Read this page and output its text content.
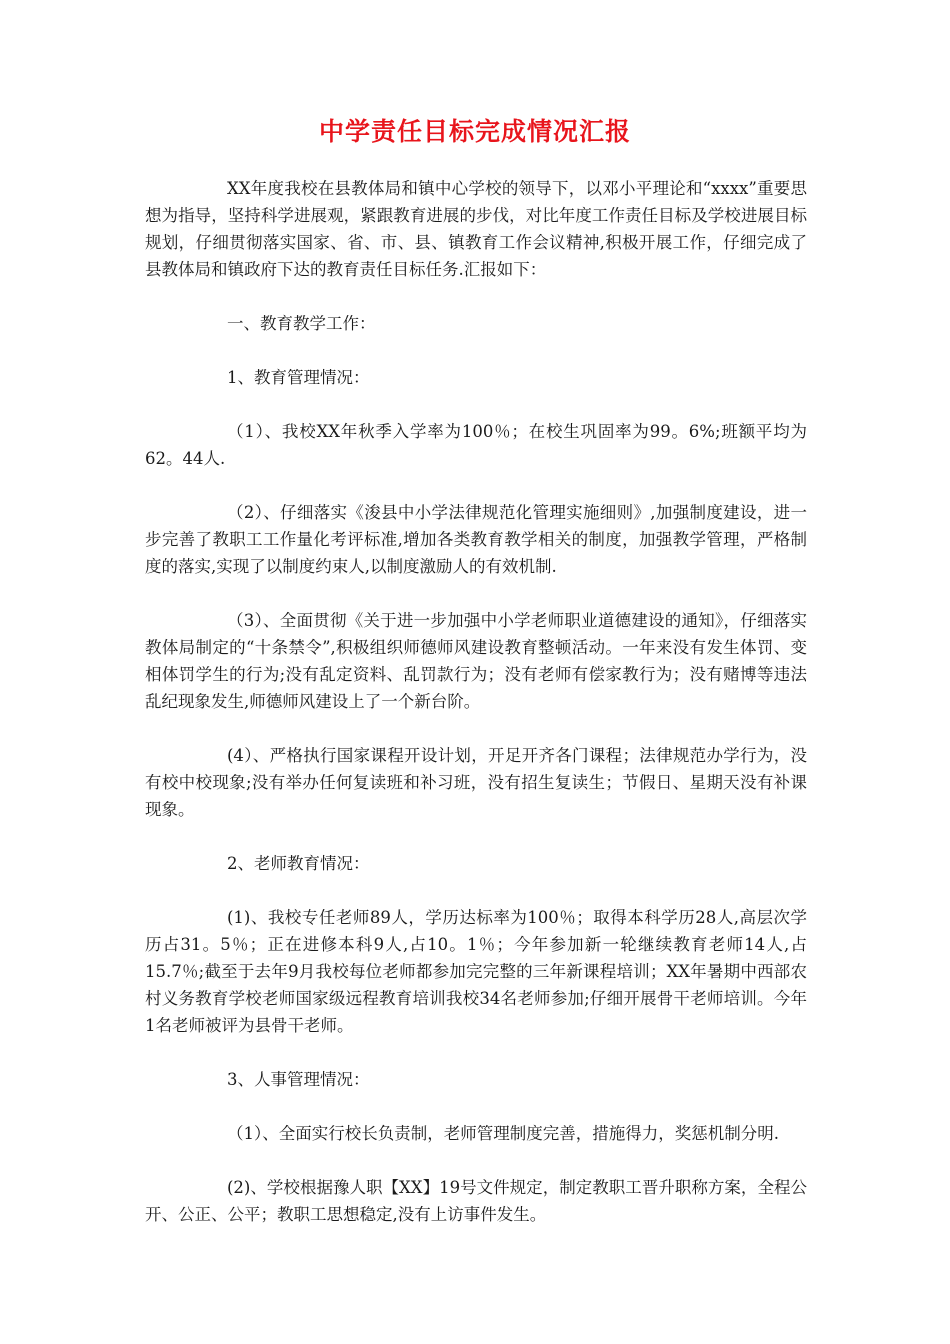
中学责任目标完成情况汇报

XX年度我校在县教体局和镇中心学校的领导下，以邓小平理论和“xxxx”重要思想为指导，坚持科学进展观，紧跟教育进展的步伐，对比年度工作责任目标及学校进展目标规划，仔细贯彻落实国家、省、市、县、镇教育工作会议精神,积极开展工作，仔细完成了县教体局和镇政府下达的教育责任目标任务.汇报如下：

一、教育教学工作：

1、教育管理情况：

（1）、我校XX年秋季入学率为100％；在校生巩固率为99。6%;班额平均为62。44人.

（2）、仔细落实《浚县中小学法律规范化管理实施细则》,加强制度建设，进一步完善了教职工工作量化考评标准,增加各类教育教学相关的制度，加强教学管理，严格制度的落实,实现了以制度约束人,以制度激励人的有效机制.

（3）、全面贯彻《关于进一步加强中小学老师职业道德建设的通知》，仔细落实教体局制定的“十条禁令”,积极组织师德师风建设教育整顿活动。一年来没有发生体罚、变相体罚学生的行为;没有乱定资料、乱罚款行为；没有老师有偿家教行为；没有赌博等违法乱纪现象发生,师德师风建设上了一个新台阶。

(4）、严格执行国家课程开设计划，开足开齐各门课程；法律规范办学行为，没有校中校现象;没有举办任何复读班和补习班，没有招生复读生；节假日、星期天没有补课现象。

2、老师教育情况：

(1)、我校专任老师89人，学历达标率为100％；取得本科学历28人,高层次学历占31。5％；正在进修本科9人,占10。1％；今年参加新一轮继续教育老师14人,占15.7％;截至于去年9月我校每位老师都参加完完整的三年新课程培训；XX年暑期中西部农村义务教育学校老师国家级远程教育培训我校34名老师参加;仔细开展骨干老师培训。今年1名老师被评为县骨干老师。

3、人事管理情况：

（1）、全面实行校长负责制，老师管理制度完善，措施得力，奖惩机制分明.

(2)、学校根据豫人职【XX】19号文件规定，制定教职工晋升职称方案，全程公开、公正、公平；教职工思想稳定,没有上访事件发生。
